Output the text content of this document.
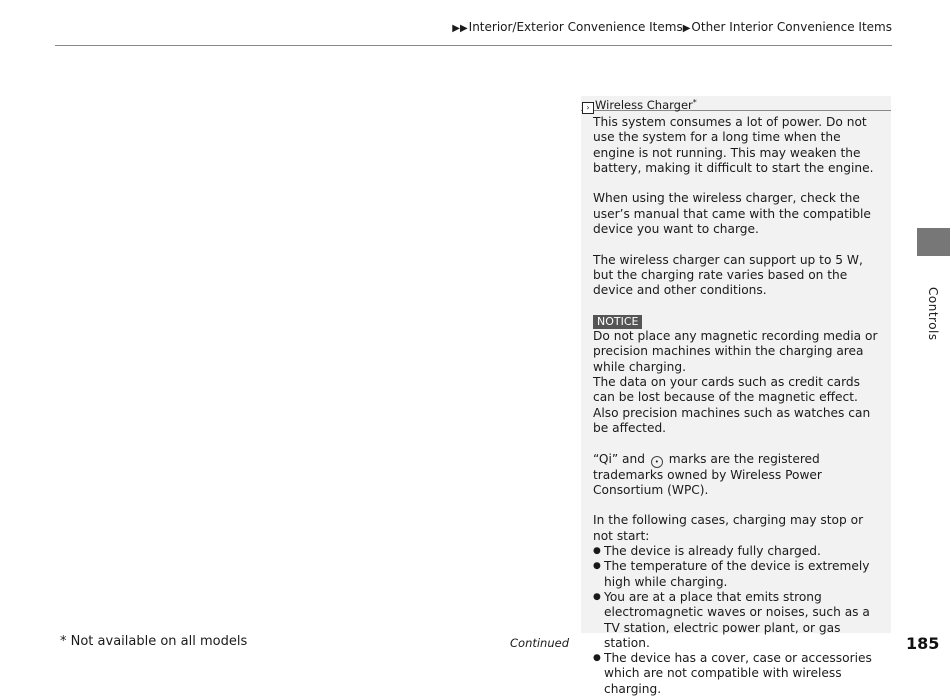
▶▶Interior/Exterior Convenience Items▶Other Interior Convenience Items
› Wireless Charger*

This system consumes a lot of power. Do not use the system for a long time when the engine is not running. This may weaken the battery, making it difficult to start the engine.

When using the wireless charger, check the user’s manual that came with the compatible device you want to charge.

The wireless charger can support up to 5 W, but the charging rate varies based on the device and other conditions.

NOTICE
Do not place any magnetic recording media or precision machines within the charging area while charging.
The data on your cards such as credit cards can be lost because of the magnetic effect. Also precision machines such as watches can be affected.

“Qi” and • marks are the registered trademarks owned by Wireless Power Consortium (WPC).

In the following cases, charging may stop or not start:
● The device is already fully charged.
● The temperature of the device is extremely high while charging.
● You are at a place that emits strong electromagnetic waves or noises, such as a TV station, electric power plant, or gas station.
● The device has a cover, case or accessories which are not compatible with wireless charging.
Controls
* Not available on all models	Continued	185
